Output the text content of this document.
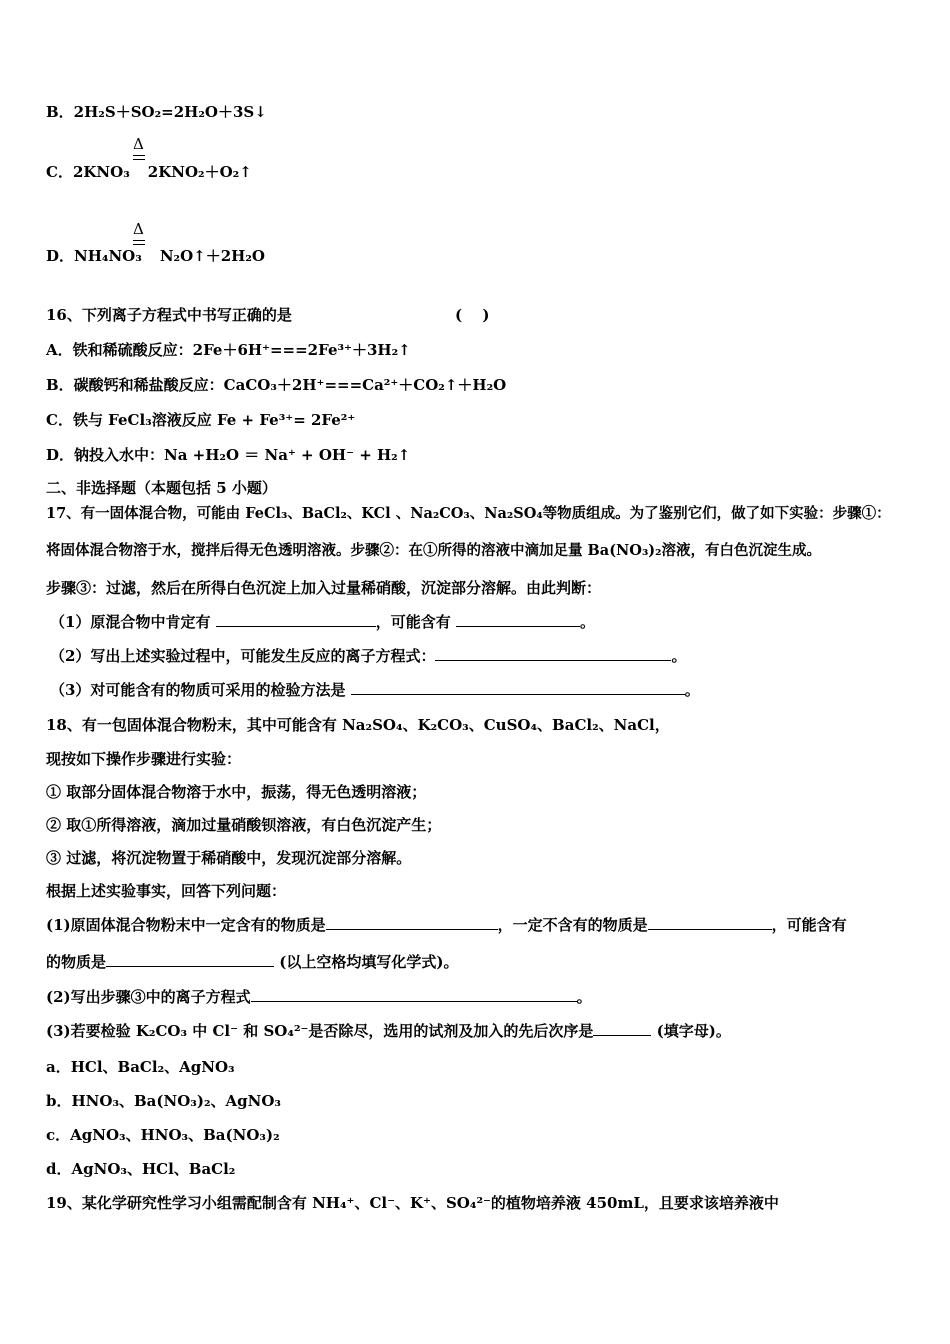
B．2H₂S＋SO₂=2H₂O＋3S↓
Δ
C．2KNO₃ 2KNO₂＋O₂↑
Δ
D．NH₄NO₃ N₂O↑＋2H₂O
16、下列离子方程式中书写正确的是	(　 )
A．铁和稀硫酸反应：2Fe＋6H⁺===2Fe³⁺＋3H₂↑
B．碳酸钙和稀盐酸反应：CaCO₃＋2H⁺===Ca²⁺＋CO₂↑＋H₂O
C．铁与 FeCl₃溶液反应 Fe + Fe³⁺= 2Fe²⁺
D．钠投入水中：Na +H₂O ＝ Na⁺ + OH⁻ + H₂↑
二、非选择题（本题包括 5 小题）
17、有一固体混合物，可能由 FeCl₃、BaCl₂、KCl 、Na₂CO₃、Na₂SO₄等物质组成。为了鉴别它们，做了如下实验：步骤①：
将固体混合物溶于水，搅拌后得无色透明溶液。步骤②：在①所得的溶液中滴加足量 Ba(NO₃)₂溶液，有白色沉淀生成。
步骤③：过滤，然后在所得白色沉淀上加入过量稀硝酸，沉淀部分溶解。由此判断：
（1）原混合物中肯定有	，可能含有	。
（2）写出上述实验过程中，可能发生反应的离子方程式：	。
（3）对可能含有的物质可采用的检验方法是	。
18、有一包固体混合物粉末，其中可能含有 Na₂SO₄、K₂CO₃、CuSO₄、BaCl₂、NaCl，
现按如下操作步骤进行实验：
① 取部分固体混合物溶于水中，振荡，得无色透明溶液；
② 取①所得溶液，滴加过量硝酸钡溶液，有白色沉淀产生；
③ 过滤，将沉淀物置于稀硝酸中，发现沉淀部分溶解。
根据上述实验事实，回答下列问题：
(1)原固体混合物粉末中一定含有的物质是	，一定不含有的物质是	，可能含有
的物质是	(以上空格均填写化学式)。
(2)写出步骤③中的离子方程式	。
(3)若要检验 K₂CO₃ 中 Cl⁻ 和 SO₄²⁻是否除尽，选用的试剂及加入的先后次序是	(填字母)。
a．HCl、BaCl₂、AgNO₃
b．HNO₃、Ba(NO₃)₂、AgNO₃
c．AgNO₃、HNO₃、Ba(NO₃)₂
d．AgNO₃、HCl、BaCl₂
19、某化学研究性学习小组需配制含有 NH₄⁺、Cl⁻、K⁺、SO₄²⁻的植物培养液 450mL，且要求该培养液中
